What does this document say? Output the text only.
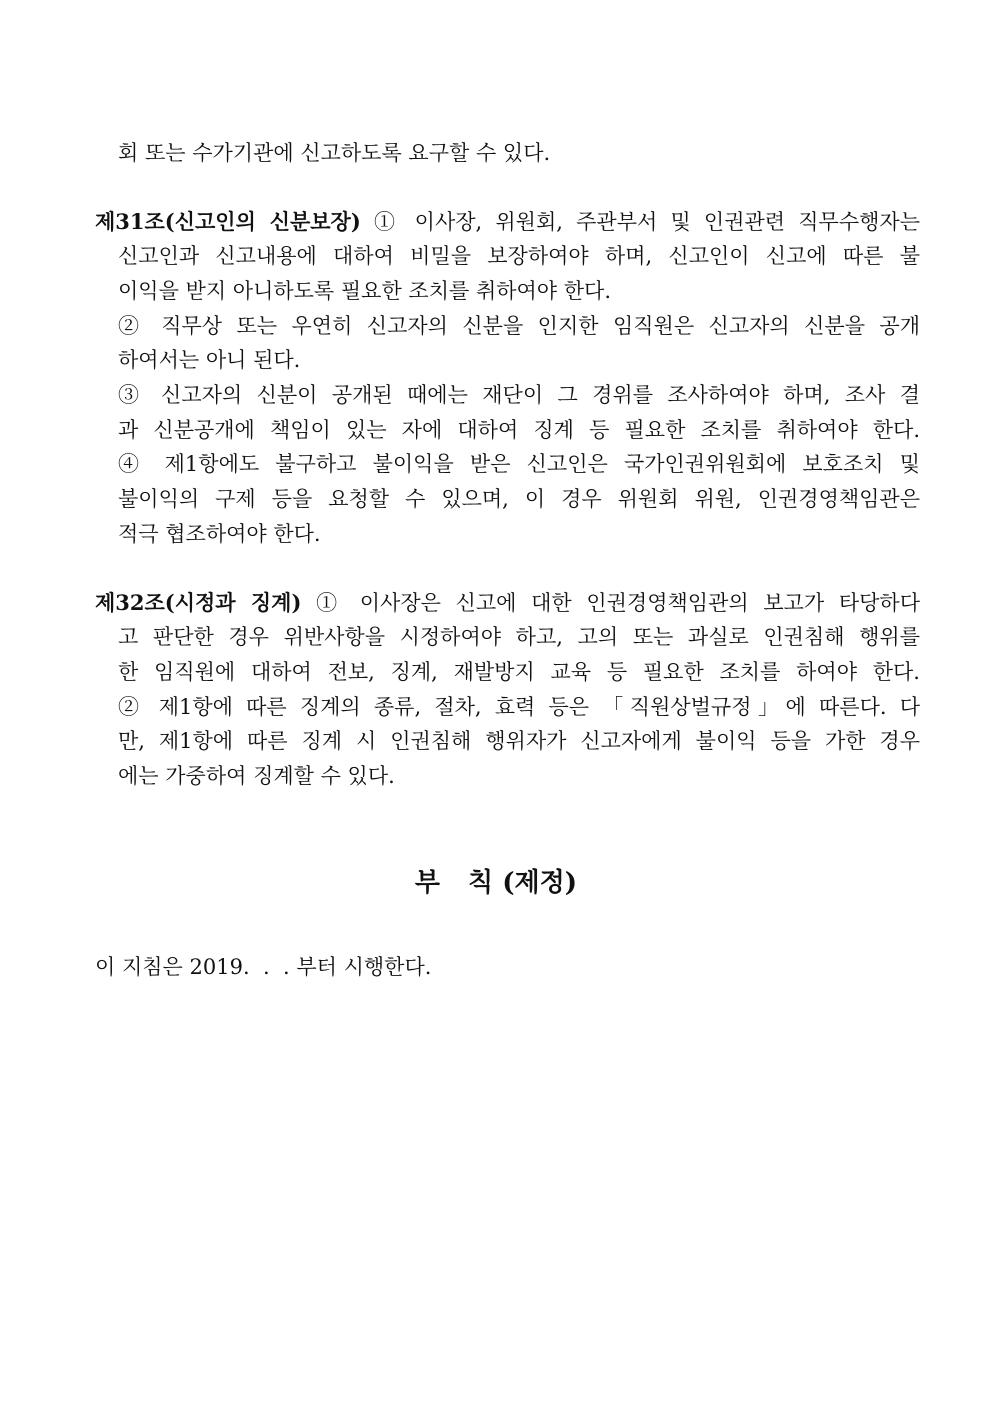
회 또는 수가기관에 신고하도록 요구할 수 있다.
제31조(신고인의 신분보장) ① 이사장, 위원회, 주관부서 및 인권관련 직무수행자는
신고인과 신고내용에 대하여 비밀을 보장하여야 하며, 신고인이 신고에 따른 불
이익을 받지 아니하도록 필요한 조치를 취하여야 한다.
② 직무상 또는 우연히 신고자의 신분을 인지한 임직원은 신고자의 신분을 공개
하여서는 아니 된다.
③ 신고자의 신분이 공개된 때에는 재단이 그 경위를 조사하여야 하며, 조사 결
과 신분공개에 책임이 있는 자에 대하여 징계 등 필요한 조치를 취하여야 한다.
④ 제1항에도 불구하고 불이익을 받은 신고인은 국가인권위원회에 보호조치 및
불이익의 구제 등을 요청할 수 있으며, 이 경우 위원회 위원, 인권경영책임관은
적극 협조하여야 한다.
제32조(시정과 징계) ① 이사장은 신고에 대한 인권경영책임관의 보고가 타당하다
고 판단한 경우 위반사항을 시정하여야 하고, 고의 또는 과실로 인권침해 행위를
한 임직원에 대하여 전보, 징계, 재발방지 교육 등 필요한 조치를 하여야 한다.
② 제1항에 따른 징계의 종류, 절차, 효력 등은 「직원상벌규정」에 따른다. 다
만, 제1항에 따른 징계 시 인권침해 행위자가 신고자에게 불이익 등을 가한 경우
에는 가중하여 징계할 수 있다.
부 칙 (제정)
이 지침은 2019.  .  . 부터 시행한다.
